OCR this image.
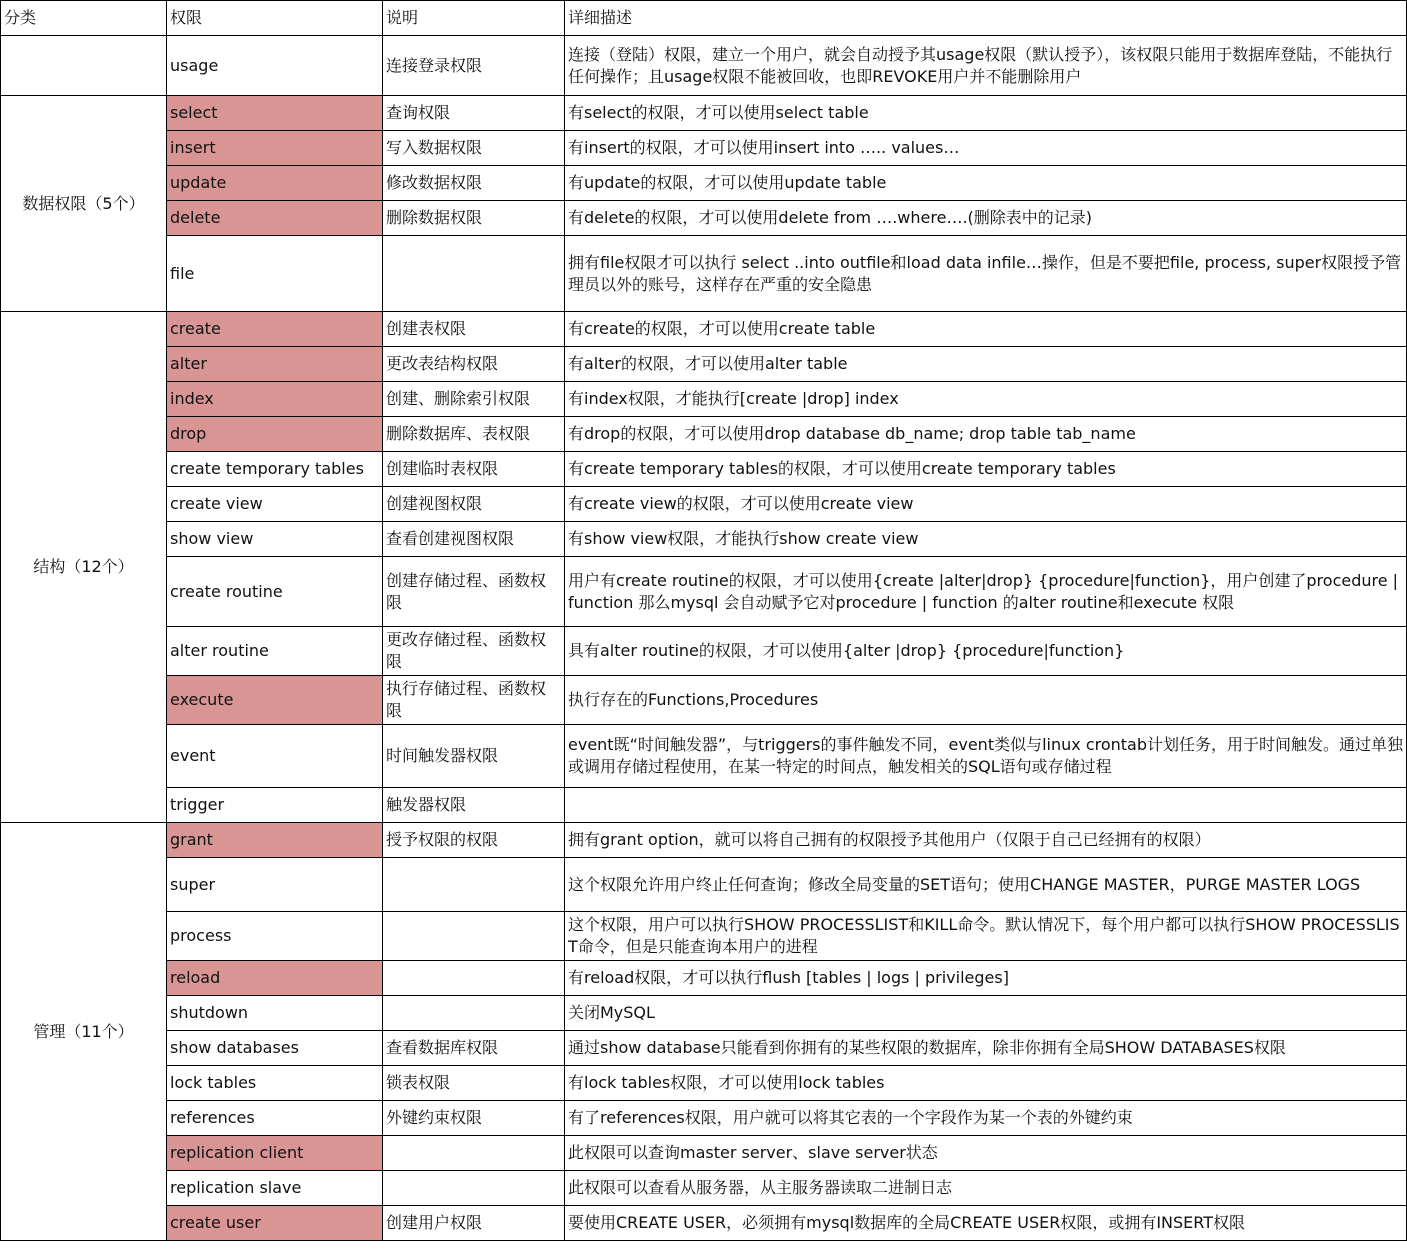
分类	权限	说明	详细描述
	usage	连接登录权限	连接（登陆）权限，建立一个用户，就会自动授予其usage权限（默认授予），该权限只能用于数据库登陆，不能执行任何操作；且usage权限不能被回收，也即REVOKE用户并不能删除用户
数据权限（5个）	select	查询权限	有select的权限，才可以使用select table
	insert	写入数据权限	有insert的权限，才可以使用insert into ….. values…
	update	修改数据权限	有update的权限，才可以使用update table
	delete	删除数据权限	有delete的权限，才可以使用delete from ….where….(删除表中的记录)
	file		拥有file权限才可以执行 select ..into outfile和load data infile…操作，但是不要把file, process, super权限授予管理员以外的账号，这样存在严重的安全隐患
结构（12个）	create	创建表权限	有create的权限，才可以使用create table
	alter	更改表结构权限	有alter的权限，才可以使用alter table
	index	创建、删除索引权限	有index权限，才能执行[create |drop] index
	drop	删除数据库、表权限	有drop的权限，才可以使用drop database db_name; drop table tab_name
	create temporary tables	创建临时表权限	有create temporary tables的权限，才可以使用create temporary tables
	create view	创建视图权限	有create view的权限，才可以使用create view
	show view	查看创建视图权限	有show view权限，才能执行show create view
	create routine	创建存储过程、函数权限	用户有create routine的权限，才可以使用{create |alter|drop} {procedure|function}，用户创建了procedure | function 那么mysql 会自动赋予它对procedure | function 的alter routine和execute 权限
	alter routine	更改存储过程、函数权限	具有alter routine的权限，才可以使用{alter |drop} {procedure|function}
	execute	执行存储过程、函数权限	执行存在的Functions,Procedures
	event	时间触发器权限	event既“时间触发器”，与triggers的事件触发不同，event类似与linux crontab计划任务，用于时间触发。通过单独或调用存储过程使用，在某一特定的时间点，触发相关的SQL语句或存储过程
	trigger	触发器权限	
管理（11个）	grant	授予权限的权限	拥有grant option，就可以将自己拥有的权限授予其他用户（仅限于自己已经拥有的权限）
	super		这个权限允许用户终止任何查询；修改全局变量的SET语句；使用CHANGE MASTER，PURGE MASTER LOGS
	process		这个权限，用户可以执行SHOW PROCESSLIST和KILL命令。默认情况下，每个用户都可以执行SHOW PROCESSLIST命令，但是只能查询本用户的进程
	reload		有reload权限，才可以执行flush [tables | logs | privileges]
	shutdown		关闭MySQL
	show databases	查看数据库权限	通过show database只能看到你拥有的某些权限的数据库，除非你拥有全局SHOW DATABASES权限
	lock tables	锁表权限	有lock tables权限，才可以使用lock tables
	references	外键约束权限	有了references权限，用户就可以将其它表的一个字段作为某一个表的外键约束
	replication client		此权限可以查询master server、slave server状态
	replication slave		此权限可以查看从服务器，从主服务器读取二进制日志
	create user	创建用户权限	要使用CREATE USER，必须拥有mysql数据库的全局CREATE USER权限，或拥有INSERT权限
